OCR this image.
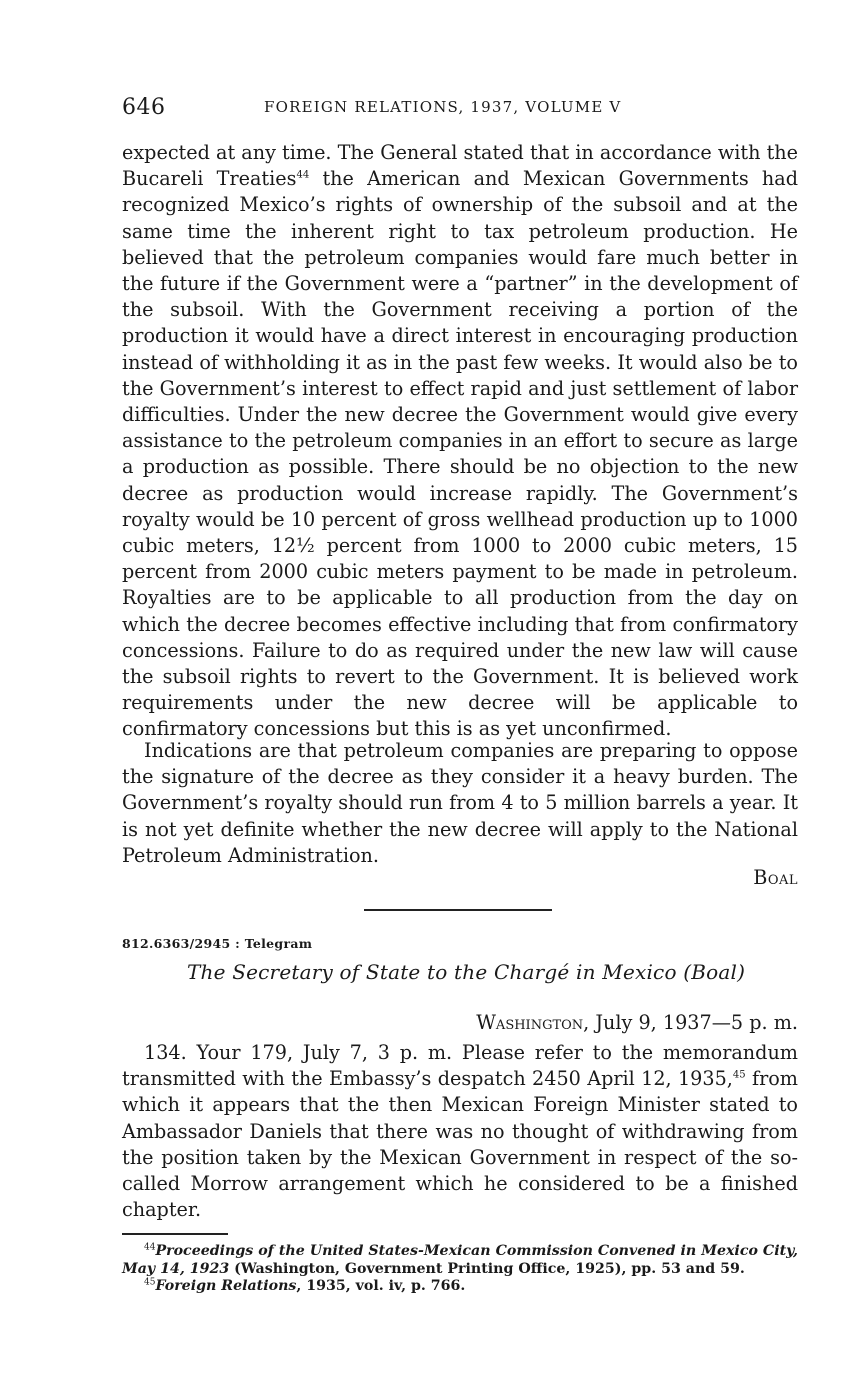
646	FOREIGN RELATIONS, 1937, VOLUME V

expected at any time. The General stated that in accordance with the Bucareli Treaties$^{44}$ the American and Mexican Governments had recognized Mexico’s rights of ownership of the subsoil and at the same time the inherent right to tax petroleum production. He believed that the petroleum companies would fare much better in the future if the Government were a “partner” in the development of the subsoil. With the Government receiving a portion of the production it would have a direct interest in encouraging production instead of withholding it as in the past few weeks. It would also be to the Government’s interest to effect rapid and just settlement of labor difficulties. Under the new decree the Government would give every assistance to the petroleum companies in an effort to secure as large a production as possible. There should be no objection to the new decree as production would increase rapidly. The Government’s royalty would be 10 percent of gross wellhead production up to 1000 cubic meters, 12½ percent from 1000 to 2000 cubic meters, 15 percent from 2000 cubic meters payment to be made in petroleum. Royalties are to be applicable to all production from the day on which the decree becomes effective including that from confirmatory concessions. Failure to do as required under the new law will cause the subsoil rights to revert to the Government. It is believed work requirements under the new decree will be applicable to confirmatory concessions but this is as yet unconfirmed.

Indications are that petroleum companies are preparing to oppose the signature of the decree as they consider it a heavy burden. The Government’s royalty should run from 4 to 5 million barrels a year. It is not yet definite whether the new decree will apply to the National Petroleum Administration.

Boal
812.6363/2945 : Telegram
The Secretary of State to the Chargé in Mexico (Boal)
Washington, July 9, 1937—5 p. m.

134. Your 179, July 7, 3 p. m. Please refer to the memorandum transmitted with the Embassy’s despatch 2450 April 12, 1935,45 from which it appears that the then Mexican Foreign Minister stated to Ambassador Daniels that there was no thought of withdrawing from the position taken by the Mexican Government in respect of the so-called Morrow arrangement which he considered to be a finished chapter.

$^{44}$Proceedings of the United States-Mexican Commission Convened in Mexico City, May 14, 1923 (Washington, Government Printing Office, 1925), pp. 53 and 59.

$^{45}$Foreign Relations, 1935, vol. iv, p. 766.
